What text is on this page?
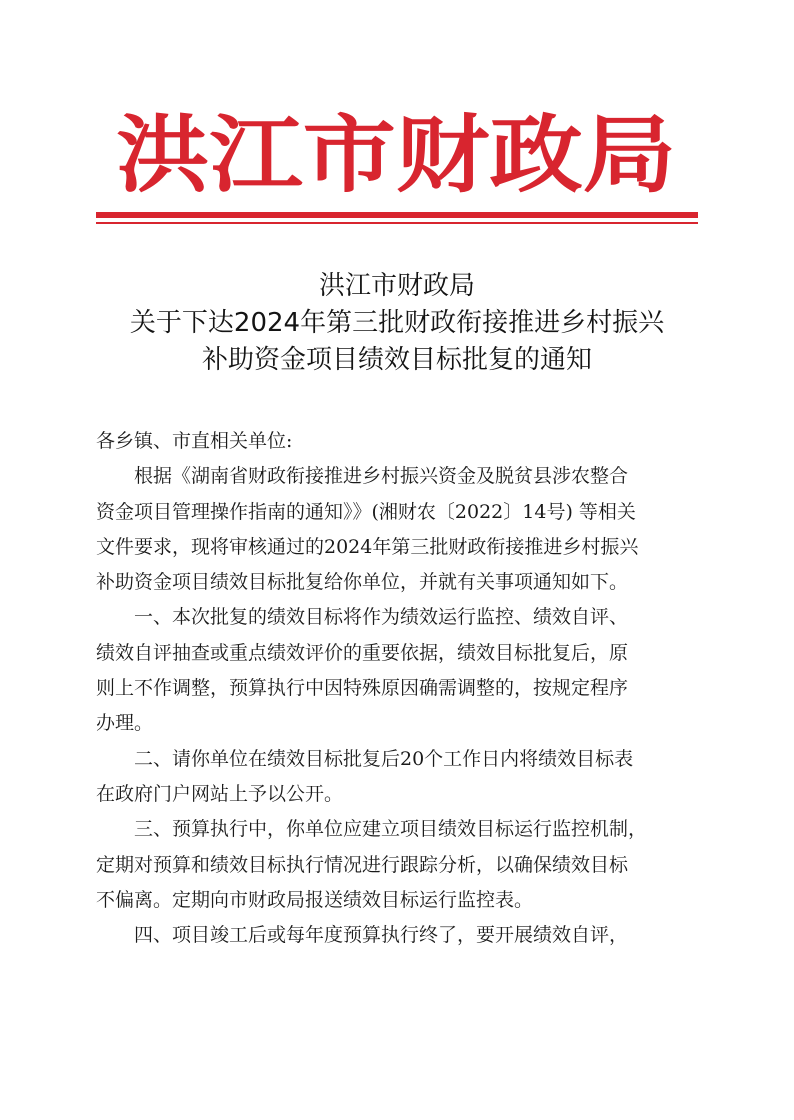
洪江市财政局
洪江市财政局
关于下达2024年第三批财政衔接推进乡村振兴
补助资金项目绩效目标批复的通知

各乡镇、市直相关单位:

根据《湖南省财政衔接推进乡村振兴资金及脱贫县涉农整合

资金项目管理操作指南的通知》》(湘财农〔2022〕14号) 等相关

文件要求，现将审核通过的2024年第三批财政衔接推进乡村振兴

补助资金项目绩效目标批复给你单位，并就有关事项通知如下。

一、本次批复的绩效目标将作为绩效运行监控、绩效自评、

绩效自评抽查或重点绩效评价的重要依据，绩效目标批复后，原

则上不作调整，预算执行中因特殊原因确需调整的，按规定程序

办理。

二、请你单位在绩效目标批复后20个工作日内将绩效目标表

在政府门户网站上予以公开。

三、预算执行中，你单位应建立项目绩效目标运行监控机制，

定期对预算和绩效目标执行情况进行跟踪分析，以确保绩效目标

不偏离。定期向市财政局报送绩效目标运行监控表。

四、项目竣工后或每年度预算执行终了，要开展绩效自评，
